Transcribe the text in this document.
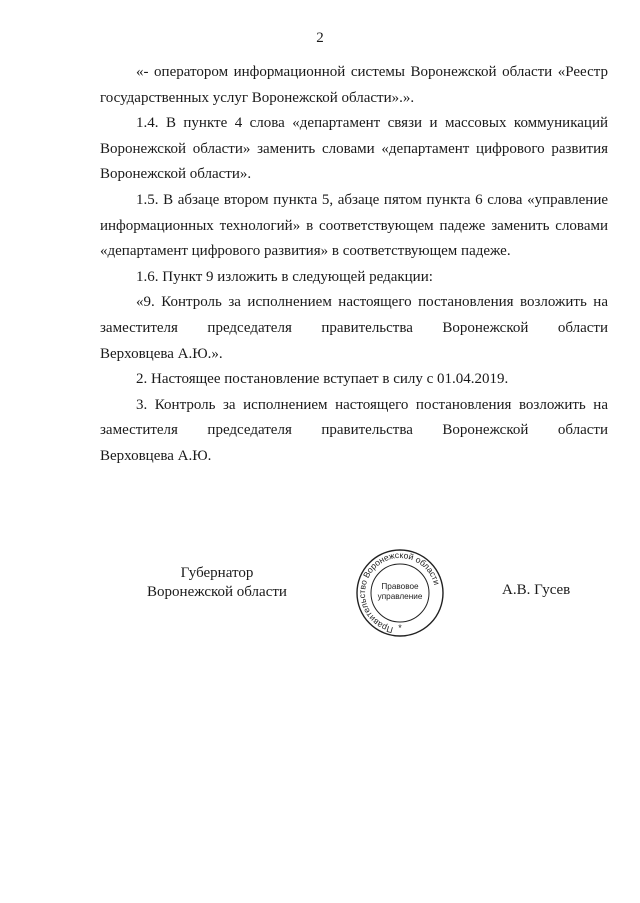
2
«- оператором информационной системы Воронежской области «Реестр
государственных услуг Воронежской области».».
1.4. В пункте 4 слова «департамент связи и массовых коммуникаций
Воронежской области» заменить словами «департамент цифрового развития
Воронежской области».
1.5. В абзаце втором пункта 5, абзаце пятом пункта 6 слова «управление
информационных технологий» в соответствующем падеже заменить словами
«департамент цифрового развития» в соответствующем падеже.
1.6. Пункт 9 изложить в следующей редакции:
«9. Контроль за исполнением настоящего постановления возложить на
заместителя председателя правительства Воронежской области
Верховцева А.Ю.».
2. Настоящее постановление вступает в силу с 01.04.2019.
3. Контроль за исполнением настоящего постановления возложить на
заместителя председателя правительства Воронежской области
Верховцева А.Ю.
Губернатор
Воронежской области
Правительство Воронежской области
Правовое
управление
*
А.В. Гусев
